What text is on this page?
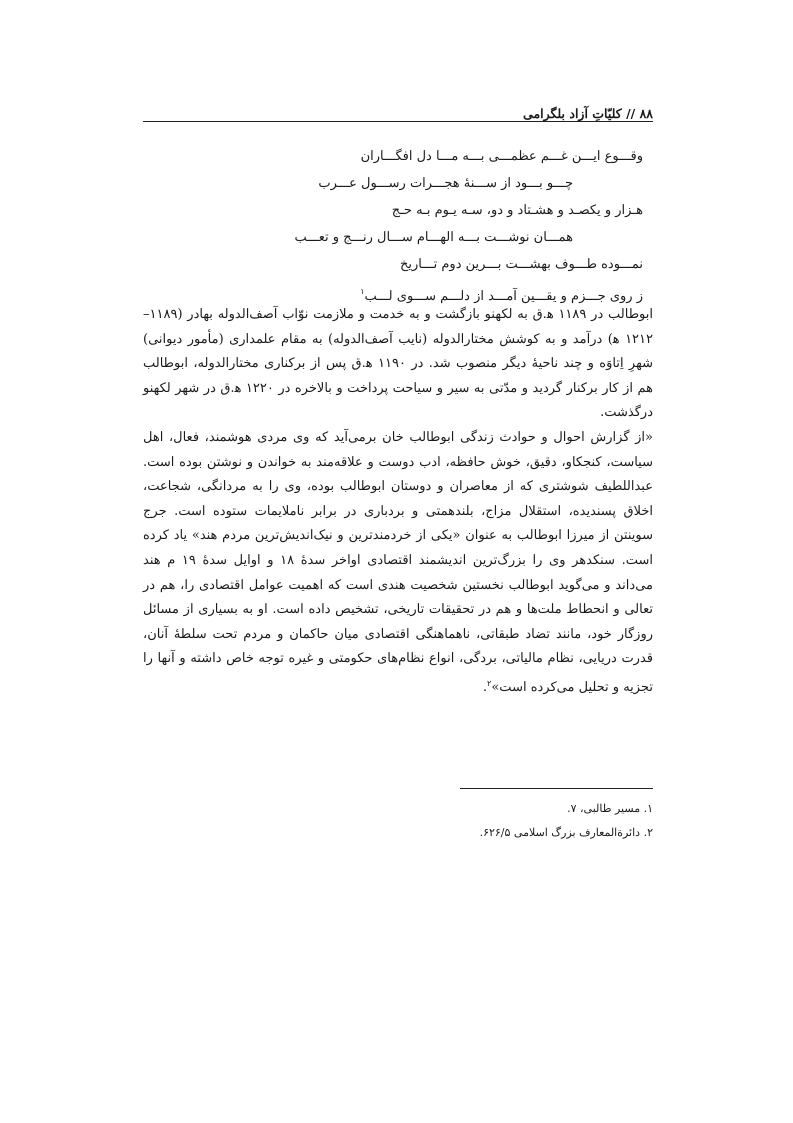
۸۸ // کلیّاتِ آزاد بلگرامی
وقـــوع ایـــن غـــم عظمـــی بـــه مـــا دل افگـــاران
چـــو بـــود از ســـنهٔ هجـــرات رســـول عـــرب
هـزار و یکصـد و هشـتاد و دو، سـه یـوم بـه حـج
همـــان نوشـــت بـــه الهـــام ســـال رنـــج و تعـــب
نمـــوده طـــوف بهشـــت بـــرین دوم تـــاریخ
ز روی جـــزم و یقـــین آمـــد از دلـــم ســـوی لـــب$^۱$

ابوطالب در ۱۱۸۹ ﻫ.ق به لکهنو بازگشت و به خدمت و ملازمت نوّاب آصف‌الدوله بهادر (۱۱۸۹–۱۲۱۲ ﻫ) درآمد و به کوشش مختارالدوله (نایب آصف‌الدوله) به مقام علمداری (مأمور دیوانی) شهرِ اِتاوَه و چند ناحیهٔ دیگر منصوب شد. در ۱۱۹۰ ﻫ.ق پس از برکناری مختارالدوله، ابوطالب هم از کار برکنار گردید و مدّتی به سیر و سیاحت پرداخت و بالاخره در ۱۲۲۰ ﻫ.ق در شهر لکهنو درگذشت.

«از گزارش احوال و حوادث زندگی ابوطالب خان برمی‌آید که وی مردی هوشمند، فعال، اهل سیاست، کنجکاو، دقیق، خوش حافظه، ادب دوست و علاقه‌مند به خواندن و نوشتن بوده است. عبداللطیف شوشتری که از معاصران و دوستان ابوطالب بوده، وی را به مردانگی، شجاعت، اخلاق پسندیده، استقلال مزاج، بلندهمتی و بردباری در برابر ناملایمات ستوده است. جرج سوینتن از میرزا ابوطالب به عنوان «یکی از خردمندترین و نیک‌اندیش‌ترین مردم هند» یاد کرده است. سنکدهر وی را بزرگ‌ترین اندیشمند اقتصادی اواخر سدهٔ ۱۸ و اوایل سدهٔ ۱۹ م هند می‌داند و می‌گوید ابوطالب نخستین شخصیت هندی است که اهمیت عوامل اقتصادی را، هم در تعالی و انحطاط ملت‌ها و هم در تحقیقات تاریخی، تشخیص داده است. او به بسیاری از مسائل روزگار خود، مانند تضاد طبقاتی، ناهماهنگی اقتصادی میان حاکمان و مردم تحت سلطهٔ آنان، قدرت دریایی، نظام مالیاتی، بردگی، انواع نظام‌های حکومتی و غیره توجه خاص داشته و آنها را تجزیه و تحلیل می‌کرده است»$^۲$.

۱. مسیر طالبی، ۷.
۲. دائرةالمعارف بزرگ اسلامی ۶۲۶/۵.
